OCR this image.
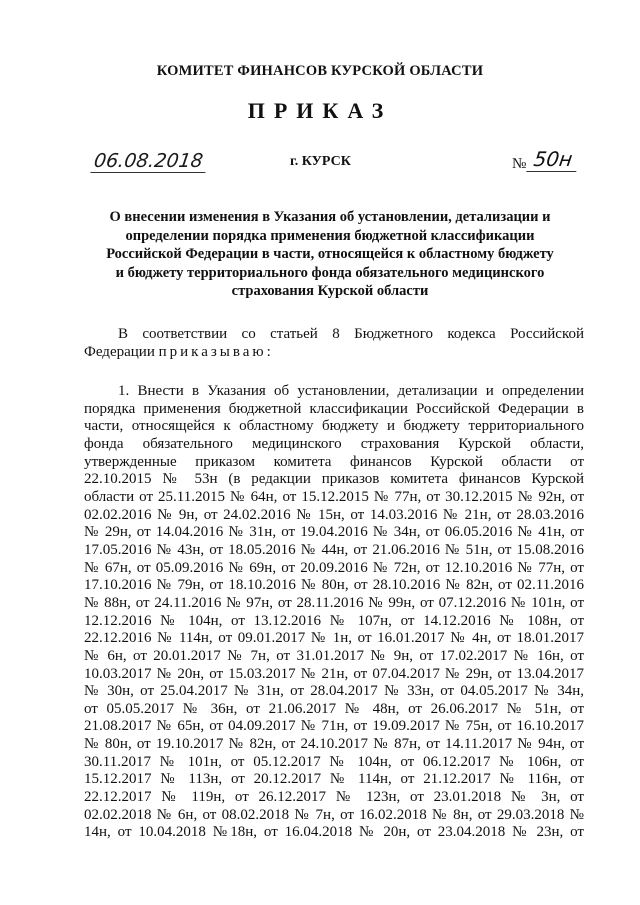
КОМИТЕТ ФИНАНСОВ КУРСКОЙ ОБЛАСТИ
ПРИКАЗ
06.08.2018	г. КУРСК	№ 50н
О внесении изменения в Указания об установлении, детализации и
определении порядка применения бюджетной классификации
Российской Федерации в части, относящейся к областному бюджету
и бюджету территориального фонда обязательного медицинского
страхования Курской области
В соответствии со статьей 8 Бюджетного кодекса Российской
Федерации приказываю:
1. Внести в Указания об установлении, детализации и определении
порядка применения бюджетной классификации Российской Федерации в
части, относящейся к областному бюджету и бюджету территориального
фонда обязательного медицинского страхования Курской области,
утвержденные приказом комитета финансов Курской области от
22.10.2015 № 53н (в редакции приказов комитета финансов Курской
области от 25.11.2015 № 64н, от 15.12.2015 № 77н, от 30.12.2015 № 92н, от
02.02.2016 № 9н, от 24.02.2016 № 15н, от 14.03.2016 № 21н, от 28.03.2016
№ 29н, от 14.04.2016 № 31н, от 19.04.2016 № 34н, от 06.05.2016 № 41н, от
17.05.2016 № 43н, от 18.05.2016 № 44н, от 21.06.2016 № 51н, от 15.08.2016
№ 67н, от 05.09.2016 № 69н, от 20.09.2016 № 72н, от 12.10.2016 № 77н, от
17.10.2016 № 79н, от 18.10.2016 № 80н, от 28.10.2016 № 82н, от 02.11.2016
№ 88н, от 24.11.2016 № 97н, от 28.11.2016 № 99н, от 07.12.2016 № 101н, от
12.12.2016 № 104н, от 13.12.2016 № 107н, от 14.12.2016 № 108н, от
22.12.2016 № 114н, от 09.01.2017 № 1н, от 16.01.2017 № 4н, от 18.01.2017
№ 6н, от 20.01.2017 № 7н, от 31.01.2017 № 9н, от 17.02.2017 № 16н, от
10.03.2017 № 20н, от 15.03.2017 № 21н, от 07.04.2017 № 29н, от 13.04.2017
№ 30н, от 25.04.2017 № 31н, от 28.04.2017 № 33н, от 04.05.2017 № 34н,
от 05.05.2017 № 36н, от 21.06.2017 № 48н, от 26.06.2017 № 51н, от
21.08.2017 № 65н, от 04.09.2017 № 71н, от 19.09.2017 № 75н, от 16.10.2017
№ 80н, от 19.10.2017 № 82н, от 24.10.2017 № 87н, от 14.11.2017 № 94н, от
30.11.2017 № 101н, от 05.12.2017 № 104н, от 06.12.2017 № 106н, от
15.12.2017 № 113н, от 20.12.2017 № 114н, от 21.12.2017 № 116н, от
22.12.2017 № 119н, от 26.12.2017 № 123н, от 23.01.2018 № 3н, от
02.02.2018 № 6н, от 08.02.2018 № 7н, от 16.02.2018 № 8н, от 29.03.2018 №
14н, от 10.04.2018 №18н, от 16.04.2018 № 20н, от 23.04.2018 № 23н, от
